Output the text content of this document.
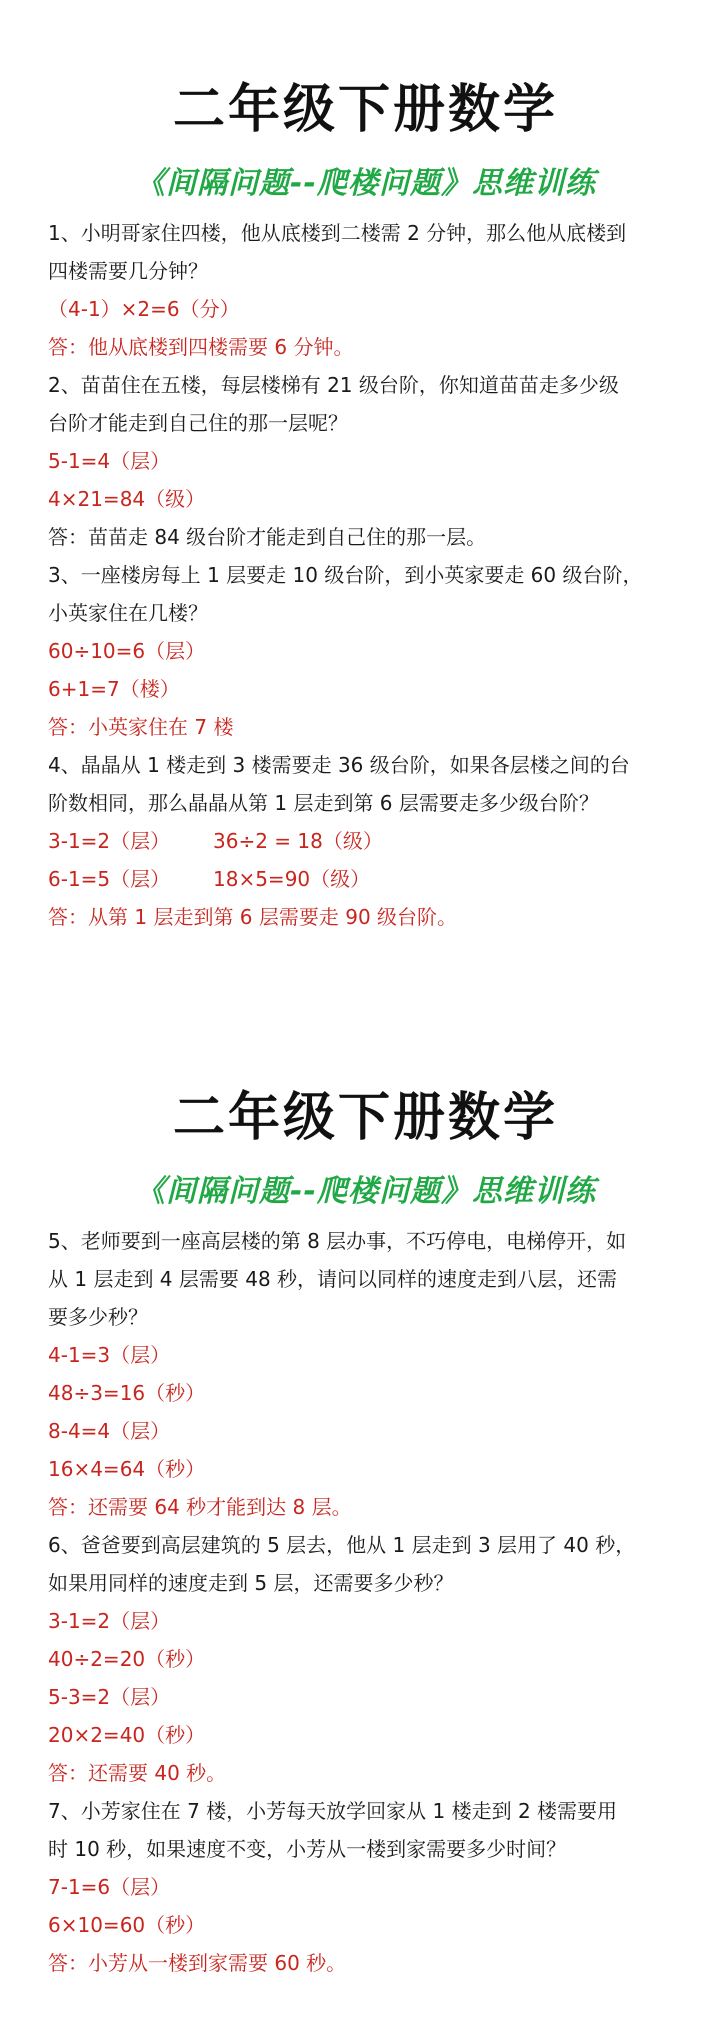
二年级下册数学
《间隔问题--爬楼问题》思维训练

1、小明哥家住四楼，他从底楼到二楼需 2 分钟，那么他从底楼到

四楼需要几分钟？

（4-1）×2=6（分）

答：他从底楼到四楼需要 6 分钟。

2、苗苗住在五楼，每层楼梯有 21 级台阶，你知道苗苗走多少级

台阶才能走到自己住的那一层呢？

5-1=4（层）

4×21=84（级）

答：苗苗走 84 级台阶才能走到自己住的那一层。

3、一座楼房每上 1 层要走 10 级台阶，到小英家要走 60 级台阶，

小英家住在几楼？

60÷10=6（层）

6+1=7（楼）

答：小英家住在 7 楼

4、晶晶从 1 楼走到 3 楼需要走 36 级台阶，如果各层楼之间的台

阶数相同，那么晶晶从第 1 层走到第 6 层需要走多少级台阶？

3-1=2（层） 36÷2 = 18（级）

6-1=5（层） 18×5=90（级）

答：从第 1 层走到第 6 层需要走 90 级台阶。

二年级下册数学
《间隔问题--爬楼问题》思维训练

5、老师要到一座高层楼的第 8 层办事，不巧停电，电梯停开，如

从 1 层走到 4 层需要 48 秒，请问以同样的速度走到八层，还需

要多少秒？

4-1=3（层）

48÷3=16（秒）

8-4=4（层）

16×4=64（秒）

答：还需要 64 秒才能到达 8 层。

6、爸爸要到高层建筑的 5 层去，他从 1 层走到 3 层用了 40 秒，

如果用同样的速度走到 5 层，还需要多少秒？

3-1=2（层）

40÷2=20（秒）

5-3=2（层）

20×2=40（秒）

答：还需要 40 秒。

7、小芳家住在 7 楼，小芳每天放学回家从 1 楼走到 2 楼需要用

时 10 秒，如果速度不变，小芳从一楼到家需要多少时间？

7-1=6（层）

6×10=60（秒）

答：小芳从一楼到家需要 60 秒。
